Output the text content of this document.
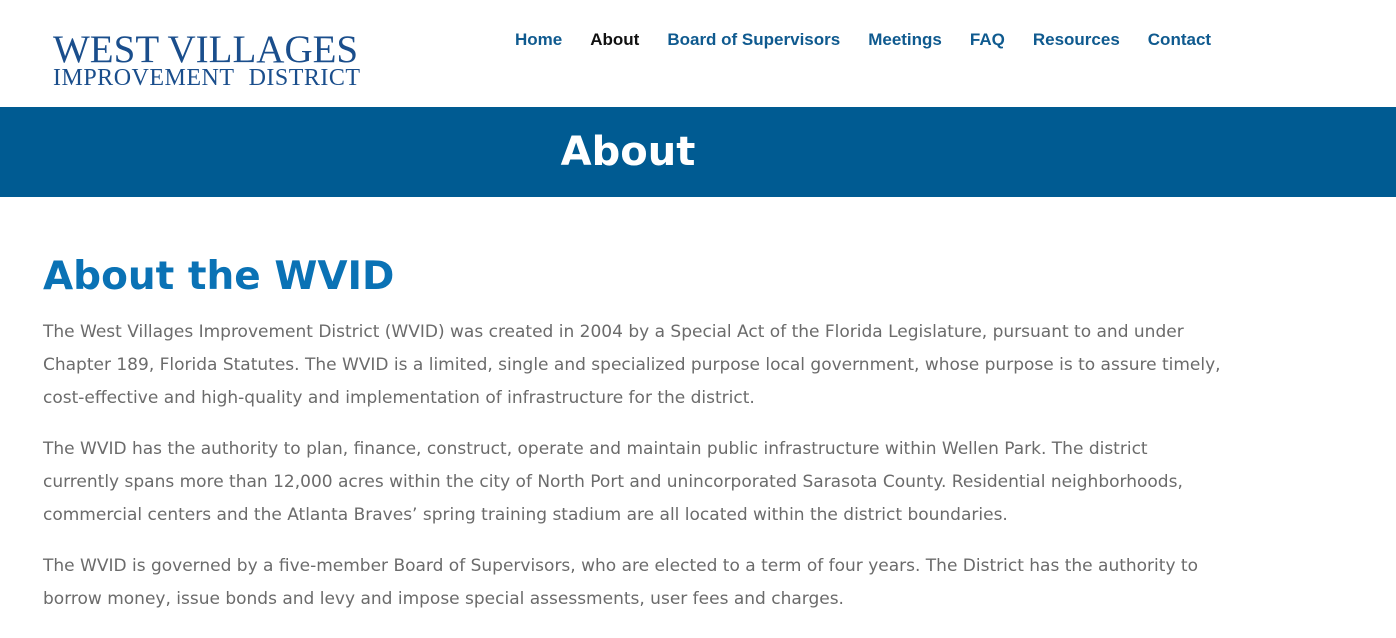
WEST VILLAGES
IMPROVEMENT DISTRICT
Home About Board of Supervisors Meetings FAQ Resources Contact
About
About the WVID

The West Villages Improvement District (WVID) was created in 2004 by a Special Act of the Florida Legislature, pursuant to and under Chapter 189, Florida Statutes. The WVID is a limited, single and specialized purpose local government, whose purpose is to assure timely, cost-effective and high-quality and implementation of infrastructure for the district.

The WVID has the authority to plan, finance, construct, operate and maintain public infrastructure within Wellen Park. The district currently spans more than 12,000 acres within the city of North Port and unincorporated Sarasota County. Residential neighborhoods, commercial centers and the Atlanta Braves’ spring training stadium are all located within the district boundaries.

The WVID is governed by a five-member Board of Supervisors, who are elected to a term of four years. The District has the authority to borrow money, issue bonds and levy and impose special assessments, user fees and charges.
